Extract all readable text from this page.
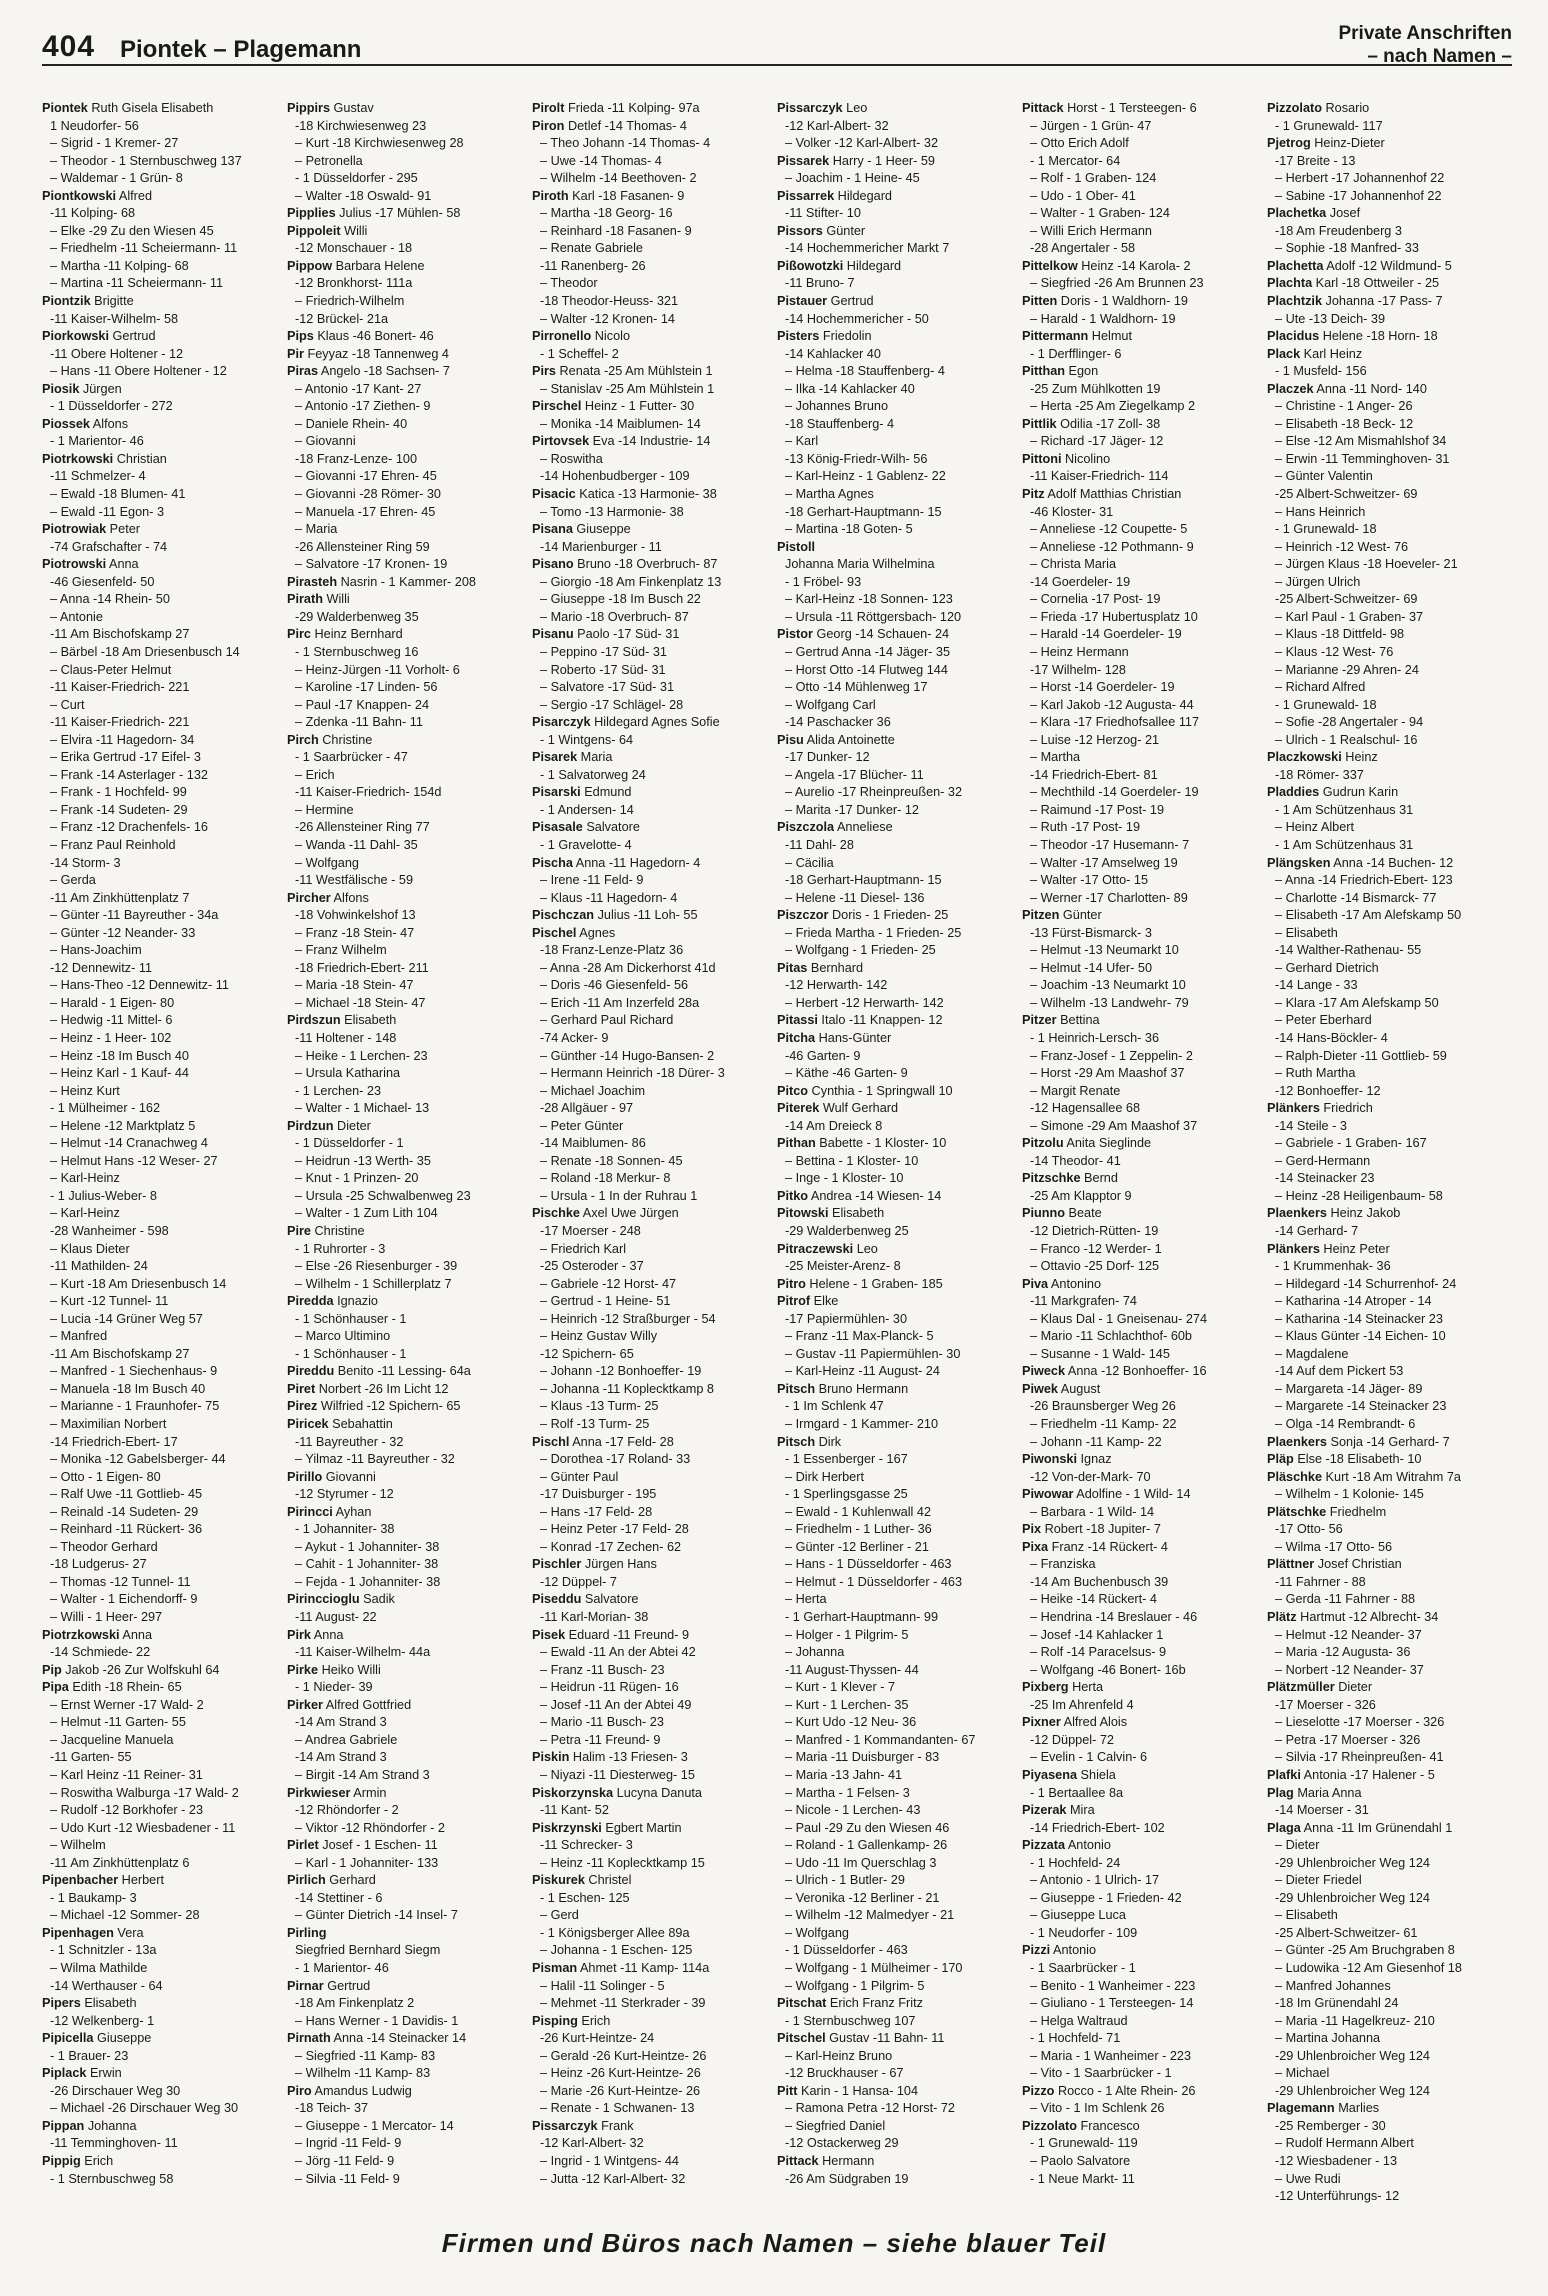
404 Piontek – Plagemann
Private Anschriften
– nach Namen –
Piontek Ruth Gisela Elisabeth
1 Neudorfer- 56
– Sigrid - 1 Kremer- 27
– Theodor - 1 Sternbuschweg 137
– Waldemar - 1 Grün- 8
Piontkowski Alfred
-11 Kolping- 68
– Elke -29 Zu den Wiesen 45
– Friedhelm -11 Scheiermann- 11
– Martha -11 Kolping- 68
– Martina -11 Scheiermann- 11
Piontzik Brigitte
-11 Kaiser-Wilhelm- 58
Piorkowski Gertrud
-11 Obere Holtener - 12
– Hans -11 Obere Holtener - 12
Piosik Jürgen
- 1 Düsseldorfer - 272
Piossek Alfons
- 1 Marientor- 46
Piotrkowski Christian
-11 Schmelzer- 4
– Ewald -18 Blumen- 41
– Ewald -11 Egon- 3
Piotrowiak Peter
-74 Grafschafter - 74
Piotrowski Anna
-46 Giesenfeld- 50
– Anna -14 Rhein- 50
– Antonie
-11 Am Bischofskamp 27
– Bärbel -18 Am Driesenbusch 14
– Claus-Peter Helmut
-11 Kaiser-Friedrich- 221
– Curt
-11 Kaiser-Friedrich- 221
– Elvira -11 Hagedorn- 34
– Erika Gertrud -17 Eifel- 3
– Frank -14 Asterlager - 132
– Frank - 1 Hochfeld- 99
– Frank -14 Sudeten- 29
– Franz -12 Drachenfels- 16
– Franz Paul Reinhold
-14 Storm- 3
– Gerda
-11 Am Zinkhüttenplatz 7
– Günter -11 Bayreuther - 34a
– Günter -12 Neander- 33
– Hans-Joachim
-12 Dennewitz- 11
– Hans-Theo -12 Dennewitz- 11
– Harald - 1 Eigen- 80
– Hedwig -11 Mittel- 6
– Heinz - 1 Heer- 102
– Heinz -18 Im Busch 40
– Heinz Karl - 1 Kauf- 44
– Heinz Kurt
- 1 Mülheimer - 162
– Helene -12 Marktplatz 5
– Helmut -14 Cranachweg 4
– Helmut Hans -12 Weser- 27
– Karl-Heinz
- 1 Julius-Weber- 8
– Karl-Heinz
-28 Wanheimer - 598
– Klaus Dieter
-11 Mathilden- 24
– Kurt -18 Am Driesenbusch 14
– Kurt -12 Tunnel- 11
– Lucia -14 Grüner Weg 57
– Manfred
-11 Am Bischofskamp 27
– Manfred - 1 Siechenhaus- 9
– Manuela -18 Im Busch 40
– Marianne - 1 Fraunhofer- 75
– Maximilian Norbert
-14 Friedrich-Ebert- 17
– Monika -12 Gabelsberger- 44
– Otto - 1 Eigen- 80
– Ralf Uwe -11 Gottlieb- 45
– Reinald -14 Sudeten- 29
– Reinhard -11 Rückert- 36
– Theodor Gerhard
-18 Ludgerus- 27
– Thomas -12 Tunnel- 11
– Walter - 1 Eichendorff- 9
– Willi - 1 Heer- 297
Piotrzkowski Anna
-14 Schmiede- 22
Pip Jakob -26 Zur Wolfskuhl 64
Pipa Edith -18 Rhein- 65
– Ernst Werner -17 Wald- 2
– Helmut -11 Garten- 55
– Jacqueline Manuela
-11 Garten- 55
– Karl Heinz -11 Reiner- 31
– Roswitha Walburga -17 Wald- 2
– Rudolf -12 Borkhofer - 23
– Udo Kurt -12 Wiesbadener - 11
– Wilhelm
-11 Am Zinkhüttenplatz 6
Pipenbacher Herbert
- 1 Baukamp- 3
– Michael -12 Sommer- 28
Pipenhagen Vera
- 1 Schnitzler - 13a
– Wilma Mathilde
-14 Werthauser - 64
Pipers Elisabeth
-12 Welkenberg- 1
Pipicella Giuseppe
- 1 Brauer- 23
Piplack Erwin
-26 Dirschauer Weg 30
– Michael -26 Dirschauer Weg 30
Pippan Johanna
-11 Temminghoven- 11
Pippig Erich
- 1 Sternbuschweg 58
Pippirs Gustav
-18 Kirchwiesenweg 23
– Kurt -18 Kirchwiesenweg 28
– Petronella
- 1 Düsseldorfer - 295
– Walter -18 Oswald- 91
Pipplies Julius -17 Mühlen- 58
Pippoleit Willi
-12 Monschauer - 18
Pippow Barbara Helene
-12 Bronkhorst- 111a
– Friedrich-Wilhelm
-12 Brückel- 21a
Pips Klaus -46 Bonert- 46
Pir Feyyaz -18 Tannenweg 4
Piras Angelo -18 Sachsen- 7
– Antonio -17 Kant- 27
– Antonio -17 Ziethen- 9
– Daniele Rhein- 40
– Giovanni
-18 Franz-Lenze- 100
– Giovanni -17 Ehren- 45
– Giovanni -28 Römer- 30
– Manuela -17 Ehren- 45
– Maria
-26 Allensteiner Ring 59
– Salvatore -17 Kronen- 19
Pirasteh Nasrin - 1 Kammer- 208
Pirath Willi
-29 Walderbenweg 35
Pirc Heinz Bernhard
- 1 Sternbuschweg 16
– Heinz-Jürgen -11 Vorholt- 6
– Karoline -17 Linden- 56
– Paul -17 Knappen- 24
– Zdenka -11 Bahn- 11
Pirch Christine
- 1 Saarbrücker - 47
– Erich
-11 Kaiser-Friedrich- 154d
– Hermine
-26 Allensteiner Ring 77
– Wanda -11 Dahl- 35
– Wolfgang
-11 Westfälische - 59
Pircher Alfons
-18 Vohwinkelshof 13
– Franz -18 Stein- 47
– Franz Wilhelm
-18 Friedrich-Ebert- 211
– Maria -18 Stein- 47
– Michael -18 Stein- 47
Pirdszun Elisabeth
-11 Holtener - 148
– Heike - 1 Lerchen- 23
– Ursula Katharina
- 1 Lerchen- 23
– Walter - 1 Michael- 13
Pirdzun Dieter
- 1 Düsseldorfer - 1
– Heidrun -13 Werth- 35
– Knut - 1 Prinzen- 20
– Ursula -25 Schwalbenweg 23
– Walter - 1 Zum Lith 104
Pire Christine
- 1 Ruhrorter - 3
– Else -26 Riesenburger - 39
– Wilhelm - 1 Schillerplatz 7
Piredda Ignazio
- 1 Schönhauser - 1
– Marco Ultimino
- 1 Schönhauser - 1
Pireddu Benito -11 Lessing- 64a
Piret Norbert -26 Im Licht 12
Pirez Wilfried -12 Spichern- 65
Piricek Sebahattin
-11 Bayreuther - 32
– Yilmaz -11 Bayreuther - 32
Pirillo Giovanni
-12 Styrumer - 12
Pirincci Ayhan
- 1 Johanniter- 38
– Aykut - 1 Johanniter- 38
– Cahit - 1 Johanniter- 38
– Fejda - 1 Johanniter- 38
Pirinccioglu Sadik
-11 August- 22
Pirk Anna
-11 Kaiser-Wilhelm- 44a
Pirke Heiko Willi
- 1 Nieder- 39
Pirker Alfred Gottfried
-14 Am Strand 3
– Andrea Gabriele
-14 Am Strand 3
– Birgit -14 Am Strand 3
Pirkwieser Armin
-12 Rhöndorfer - 2
– Viktor -12 Rhöndorfer - 2
Pirlet Josef - 1 Eschen- 11
– Karl - 1 Johanniter- 133
Pirlich Gerhard
-14 Stettiner - 6
– Günter Dietrich -14 Insel- 7
Pirling
Siegfried Bernhard Siegm
- 1 Marientor- 46
Pirnar Gertrud
-18 Am Finkenplatz 2
– Hans Werner - 1 Davidis- 1
Pirnath Anna -14 Steinacker 14
– Siegfried -11 Kamp- 83
– Wilhelm -11 Kamp- 83
Piro Amandus Ludwig
-18 Teich- 37
– Giuseppe - 1 Mercator- 14
– Ingrid -11 Feld- 9
– Jörg -11 Feld- 9
– Silvia -11 Feld- 9
Pirolt Frieda -11 Kolping- 97a
Piron Detlef -14 Thomas- 4
– Theo Johann -14 Thomas- 4
– Uwe -14 Thomas- 4
– Wilhelm -14 Beethoven- 2
Piroth Karl -18 Fasanen- 9
– Martha -18 Georg- 16
– Reinhard -18 Fasanen- 9
– Renate Gabriele
-11 Ranenberg- 26
– Theodor
-18 Theodor-Heuss- 321
– Walter -12 Kronen- 14
Pirronello Nicolo
- 1 Scheffel- 2
Pirs Renata -25 Am Mühlstein 1
– Stanislav -25 Am Mühlstein 1
Pirschel Heinz - 1 Futter- 30
– Monika -14 Maiblumen- 14
Pirtovsek Eva -14 Industrie- 14
– Roswitha
-14 Hohenbudberger - 109
Pisacic Katica -13 Harmonie- 38
– Tomo -13 Harmonie- 38
Pisana Giuseppe
-14 Marienburger - 11
Pisano Bruno -18 Overbruch- 87
– Giorgio -18 Am Finkenplatz 13
– Giuseppe -18 Im Busch 22
– Mario -18 Overbruch- 87
Pisanu Paolo -17 Süd- 31
– Peppino -17 Süd- 31
– Roberto -17 Süd- 31
– Salvatore -17 Süd- 31
– Sergio -17 Schlägel- 28
Pisarczyk Hildegard Agnes Sofie
- 1 Wintgens- 64
Pisarek Maria
- 1 Salvatorweg 24
Pisarski Edmund
- 1 Andersen- 14
Pisasale Salvatore
- 1 Gravelotte- 4
Pischa Anna -11 Hagedorn- 4
– Irene -11 Feld- 9
– Klaus -11 Hagedorn- 4
Pischczan Julius -11 Loh- 55
Pischel Agnes
-18 Franz-Lenze-Platz 36
– Anna -28 Am Dickerhorst 41d
– Doris -46 Giesenfeld- 56
– Erich -11 Am Inzerfeld 28a
– Gerhard Paul Richard
-74 Acker- 9
– Günther -14 Hugo-Bansen- 2
– Hermann Heinrich -18 Dürer- 3
– Michael Joachim
-28 Allgäuer - 97
– Peter Günter
-14 Maiblumen- 86
– Renate -18 Sonnen- 45
– Roland -18 Merkur- 8
– Ursula - 1 In der Ruhrau 1
Pischke Axel Uwe Jürgen
-17 Moerser - 248
– Friedrich Karl
-25 Osteroder - 37
– Gabriele -12 Horst- 47
– Gertrud - 1 Heine- 51
– Heinrich -12 Straßburger - 54
– Heinz Gustav Willy
-12 Spichern- 65
– Johann -12 Bonhoeffer- 19
– Johanna -11 Koplecktkamp 8
– Klaus -13 Turm- 25
– Rolf -13 Turm- 25
Pischl Anna -17 Feld- 28
– Dorothea -17 Roland- 33
– Günter Paul
-17 Duisburger - 195
– Hans -17 Feld- 28
– Heinz Peter -17 Feld- 28
– Konrad -17 Zechen- 62
Pischler Jürgen Hans
-12 Düppel- 7
Piseddu Salvatore
-11 Karl-Morian- 38
Pisek Eduard -11 Freund- 9
– Ewald -11 An der Abtei 42
– Franz -11 Busch- 23
– Heidrun -11 Rügen- 16
– Josef -11 An der Abtei 49
– Mario -11 Busch- 23
– Petra -11 Freund- 9
Piskin Halim -13 Friesen- 3
– Niyazi -11 Diesterweg- 15
Piskorzynska Lucyna Danuta
-11 Kant- 52
Piskrzynski Egbert Martin
-11 Schrecker- 3
– Heinz -11 Koplecktkamp 15
Piskurek Christel
- 1 Eschen- 125
– Gerd
- 1 Königsberger Allee 89a
– Johanna - 1 Eschen- 125
Pisman Ahmet -11 Kamp- 114a
– Halil -11 Solinger - 5
– Mehmet -11 Sterkrader - 39
Pisping Erich
-26 Kurt-Heintze- 24
– Gerald -26 Kurt-Heintze- 26
– Heinz -26 Kurt-Heintze- 26
– Marie -26 Kurt-Heintze- 26
– Renate - 1 Schwanen- 13
Pissarczyk Frank
-12 Karl-Albert- 32
– Ingrid - 1 Wintgens- 44
– Jutta -12 Karl-Albert- 32
Pissarczyk Leo
-12 Karl-Albert- 32
– Volker -12 Karl-Albert- 32
Pissarek Harry - 1 Heer- 59
– Joachim - 1 Heine- 45
Pissarrek Hildegard
-11 Stifter- 10
Pissors Günter
-14 Hochemmericher Markt 7
Pißowotzki Hildegard
-11 Bruno- 7
Pistauer Gertrud
-14 Hochemmericher - 50
Pisters Friedolin
-14 Kahlacker 40
– Helma -18 Stauffenberg- 4
– Ilka -14 Kahlacker 40
– Johannes Bruno
-18 Stauffenberg- 4
– Karl
-13 König-Friedr-Wilh- 56
– Karl-Heinz - 1 Gablenz- 22
– Martha Agnes
-18 Gerhart-Hauptmann- 15
– Martina -18 Goten- 5
Pistoll
Johanna Maria Wilhelmina
- 1 Fröbel- 93
– Karl-Heinz -18 Sonnen- 123
– Ursula -11 Röttgersbach- 120
Pistor Georg -14 Schauen- 24
– Gertrud Anna -14 Jäger- 35
– Horst Otto -14 Flutweg 144
– Otto -14 Mühlenweg 17
– Wolfgang Carl
-14 Paschacker 36
Pisu Alida Antoinette
-17 Dunker- 12
– Angela -17 Blücher- 11
– Aurelio -17 Rheinpreußen- 32
– Marita -17 Dunker- 12
Piszczola Anneliese
-11 Dahl- 28
– Cäcilia
-18 Gerhart-Hauptmann- 15
– Helene -11 Diesel- 136
Piszczor Doris - 1 Frieden- 25
– Frieda Martha - 1 Frieden- 25
– Wolfgang - 1 Frieden- 25
Pitas Bernhard
-12 Herwarth- 142
– Herbert -12 Herwarth- 142
Pitassi Italo -11 Knappen- 12
Pitcha Hans-Günter
-46 Garten- 9
– Käthe -46 Garten- 9
Pitco Cynthia - 1 Springwall 10
Piterek Wulf Gerhard
-14 Am Dreieck 8
Pithan Babette - 1 Kloster- 10
– Bettina - 1 Kloster- 10
– Inge - 1 Kloster- 10
Pitko Andrea -14 Wiesen- 14
Pitowski Elisabeth
-29 Walderbenweg 25
Pitraczewski Leo
-25 Meister-Arenz- 8
Pitro Helene - 1 Graben- 185
Pitrof Elke
-17 Papiermühlen- 30
– Franz -11 Max-Planck- 5
– Gustav -11 Papiermühlen- 30
– Karl-Heinz -11 August- 24
Pitsch Bruno Hermann
- 1 Im Schlenk 47
– Irmgard - 1 Kammer- 210
Pitsch Dirk
- 1 Essenberger - 167
– Dirk Herbert
- 1 Sperlingsgasse 25
– Ewald - 1 Kuhlenwall 42
– Friedhelm - 1 Luther- 36
– Günter -12 Berliner - 21
– Hans - 1 Düsseldorfer - 463
– Helmut - 1 Düsseldorfer - 463
– Herta
- 1 Gerhart-Hauptmann- 99
– Holger - 1 Pilgrim- 5
– Johanna
-11 August-Thyssen- 44
– Kurt - 1 Klever - 7
– Kurt - 1 Lerchen- 35
– Kurt Udo -12 Neu- 36
– Manfred - 1 Kommandanten- 67
– Maria -11 Duisburger - 83
– Maria -13 Jahn- 41
– Martha - 1 Felsen- 3
– Nicole - 1 Lerchen- 43
– Paul -29 Zu den Wiesen 46
– Roland - 1 Gallenkamp- 26
– Udo -11 Im Querschlag 3
– Ulrich - 1 Butler- 29
– Veronika -12 Berliner - 21
– Wilhelm -12 Malmedyer - 21
– Wolfgang
- 1 Düsseldorfer - 463
– Wolfgang - 1 Mülheimer - 170
– Wolfgang - 1 Pilgrim- 5
Pitschat Erich Franz Fritz
- 1 Sternbuschweg 107
Pitschel Gustav -11 Bahn- 11
– Karl-Heinz Bruno
-12 Bruckhauser - 67
Pitt Karin - 1 Hansa- 104
– Ramona Petra -12 Horst- 72
– Siegfried Daniel
-12 Ostackerweg 29
Pittack Hermann
-26 Am Südgraben 19
Pittack Horst - 1 Tersteegen- 6
– Jürgen - 1 Grün- 47
– Otto Erich Adolf
- 1 Mercator- 64
– Rolf - 1 Graben- 124
– Udo - 1 Ober- 41
– Walter - 1 Graben- 124
– Willi Erich Hermann
-28 Angertaler - 58
Pittelkow Heinz -14 Karola- 2
– Siegfried -26 Am Brunnen 23
Pitten Doris - 1 Waldhorn- 19
– Harald - 1 Waldhorn- 19
Pittermann Helmut
- 1 Derfflinger- 6
Pitthan Egon
-25 Zum Mühlkotten 19
– Herta -25 Am Ziegelkamp 2
Pittlik Odilia -17 Zoll- 38
– Richard -17 Jäger- 12
Pittoni Nicolino
-11 Kaiser-Friedrich- 114
Pitz Adolf Matthias Christian
-46 Kloster- 31
– Anneliese -12 Coupette- 5
– Anneliese -12 Pothmann- 9
– Christa Maria
-14 Goerdeler- 19
– Cornelia -17 Post- 19
– Frieda -17 Hubertusplatz 10
– Harald -14 Goerdeler- 19
– Heinz Hermann
-17 Wilhelm- 128
– Horst -14 Goerdeler- 19
– Karl Jakob -12 Augusta- 44
– Klara -17 Friedhofsallee 117
– Luise -12 Herzog- 21
– Martha
-14 Friedrich-Ebert- 81
– Mechthild -14 Goerdeler- 19
– Raimund -17 Post- 19
– Ruth -17 Post- 19
– Theodor -17 Husemann- 7
– Walter -17 Amselweg 19
– Walter -17 Otto- 15
– Werner -17 Charlotten- 89
Pitzen Günter
-13 Fürst-Bismarck- 3
– Helmut -13 Neumarkt 10
– Helmut -14 Ufer- 50
– Joachim -13 Neumarkt 10
– Wilhelm -13 Landwehr- 79
Pitzer Bettina
- 1 Heinrich-Lersch- 36
– Franz-Josef - 1 Zeppelin- 2
– Horst -29 Am Maashof 37
– Margit Renate
-12 Hagensallee 68
– Simone -29 Am Maashof 37
Pitzolu Anita Sieglinde
-14 Theodor- 41
Pitzschke Bernd
-25 Am Klapptor 9
Piunno Beate
-12 Dietrich-Rütten- 19
– Franco -12 Werder- 1
– Ottavio -25 Dorf- 125
Piva Antonino
-11 Markgrafen- 74
– Klaus Dal - 1 Gneisenau- 274
– Mario -11 Schlachthof- 60b
– Susanne - 1 Wald- 145
Piweck Anna -12 Bonhoeffer- 16
Piwek August
-26 Braunsberger Weg 26
– Friedhelm -11 Kamp- 22
– Johann -11 Kamp- 22
Piwonski Ignaz
-12 Von-der-Mark- 70
Piwowar Adolfine - 1 Wild- 14
– Barbara - 1 Wild- 14
Pix Robert -18 Jupiter- 7
Pixa Franz -14 Rückert- 4
– Franziska
-14 Am Buchenbusch 39
– Heike -14 Rückert- 4
– Hendrina -14 Breslauer - 46
– Josef -14 Kahlacker 1
– Rolf -14 Paracelsus- 9
– Wolfgang -46 Bonert- 16b
Pixberg Herta
-25 Im Ahrenfeld 4
Pixner Alfred Alois
-12 Düppel- 72
– Evelin - 1 Calvin- 6
Piyasena Shiela
- 1 Bertaallee 8a
Pizerak Mira
-14 Friedrich-Ebert- 102
Pizzata Antonio
- 1 Hochfeld- 24
– Antonio - 1 Ulrich- 17
– Giuseppe - 1 Frieden- 42
– Giuseppe Luca
- 1 Neudorfer - 109
Pizzi Antonio
- 1 Saarbrücker - 1
– Benito - 1 Wanheimer - 223
– Giuliano - 1 Tersteegen- 14
– Helga Waltraud
- 1 Hochfeld- 71
– Maria - 1 Wanheimer - 223
– Vito - 1 Saarbrücker - 1
Pizzo Rocco - 1 Alte Rhein- 26
– Vito - 1 Im Schlenk 26
Pizzolato Francesco
- 1 Grunewald- 119
– Paolo Salvatore
- 1 Neue Markt- 11
Pizzolato Rosario
- 1 Grunewald- 117
Pjetrog Heinz-Dieter
-17 Breite - 13
– Herbert -17 Johannenhof 22
– Sabine -17 Johannenhof 22
Plachetka Josef
-18 Am Freudenberg 3
– Sophie -18 Manfred- 33
Plachetta Adolf -12 Wildmund- 5
Plachta Karl -18 Ottweiler - 25
Plachtzik Johanna -17 Pass- 7
– Ute -13 Deich- 39
Placidus Helene -18 Horn- 18
Plack Karl Heinz
- 1 Musfeld- 156
Placzek Anna -11 Nord- 140
– Christine - 1 Anger- 26
– Elisabeth -18 Beck- 12
– Else -12 Am Mismahlshof 34
– Erwin -11 Temminghoven- 31
– Günter Valentin
-25 Albert-Schweitzer- 69
– Hans Heinrich
- 1 Grunewald- 18
– Heinrich -12 West- 76
– Jürgen Klaus -18 Hoeveler- 21
– Jürgen Ulrich
-25 Albert-Schweitzer- 69
– Karl Paul - 1 Graben- 37
– Klaus -18 Dittfeld- 98
– Klaus -12 West- 76
– Marianne -29 Ahren- 24
– Richard Alfred
- 1 Grunewald- 18
– Sofie -28 Angertaler - 94
– Ulrich - 1 Realschul- 16
Placzkowski Heinz
-18 Römer- 337
Pladdies Gudrun Karin
- 1 Am Schützenhaus 31
– Heinz Albert
- 1 Am Schützenhaus 31
Plängsken Anna -14 Buchen- 12
– Anna -14 Friedrich-Ebert- 123
– Charlotte -14 Bismarck- 77
– Elisabeth -17 Am Alefskamp 50
– Elisabeth
-14 Walther-Rathenau- 55
– Gerhard Dietrich
-14 Lange - 33
– Klara -17 Am Alefskamp 50
– Peter Eberhard
-14 Hans-Böckler- 4
– Ralph-Dieter -11 Gottlieb- 59
– Ruth Martha
-12 Bonhoeffer- 12
Plänkers Friedrich
-14 Steile - 3
– Gabriele - 1 Graben- 167
– Gerd-Hermann
-14 Steinacker 23
– Heinz -28 Heiligenbaum- 58
Plaenkers Heinz Jakob
-14 Gerhard- 7
Plänkers Heinz Peter
- 1 Krummenhak- 36
– Hildegard -14 Schurrenhof- 24
– Katharina -14 Atroper - 14
– Katharina -14 Steinacker 23
– Klaus Günter -14 Eichen- 10
– Magdalene
-14 Auf dem Pickert 53
– Margareta -14 Jäger- 89
– Margarete -14 Steinacker 23
– Olga -14 Rembrandt- 6
Plaenkers Sonja -14 Gerhard- 7
Pläp Else -18 Elisabeth- 10
Pläschke Kurt -18 Am Witrahm 7a
– Wilhelm - 1 Kolonie- 145
Plätschke Friedhelm
-17 Otto- 56
– Wilma -17 Otto- 56
Plättner Josef Christian
-11 Fahrner - 88
– Gerda -11 Fahrner - 88
Plätz Hartmut -12 Albrecht- 34
– Helmut -12 Neander- 37
– Maria -12 Augusta- 36
– Norbert -12 Neander- 37
Plätzmüller Dieter
-17 Moerser - 326
– Lieselotte -17 Moerser - 326
– Petra -17 Moerser - 326
– Silvia -17 Rheinpreußen- 41
Plafki Antonia -17 Halener - 5
Plag Maria Anna
-14 Moerser - 31
Plaga Anna -11 Im Grünendahl 1
– Dieter
-29 Uhlenbroicher Weg 124
– Dieter Friedel
-29 Uhlenbroicher Weg 124
– Elisabeth
-25 Albert-Schweitzer- 61
– Günter -25 Am Bruchgraben 8
– Ludowika -12 Am Giesenhof 18
– Manfred Johannes
-18 Im Grünendahl 24
– Maria -11 Hagelkreuz- 210
– Martina Johanna
-29 Uhlenbroicher Weg 124
– Michael
-29 Uhlenbroicher Weg 124
Plagemann Marlies
-25 Remberger - 30
– Rudolf Hermann Albert
-12 Wiesbadener - 13
– Uwe Rudi
-12 Unterführungs- 12
Firmen und Büros nach Namen – siehe blauer Teil
